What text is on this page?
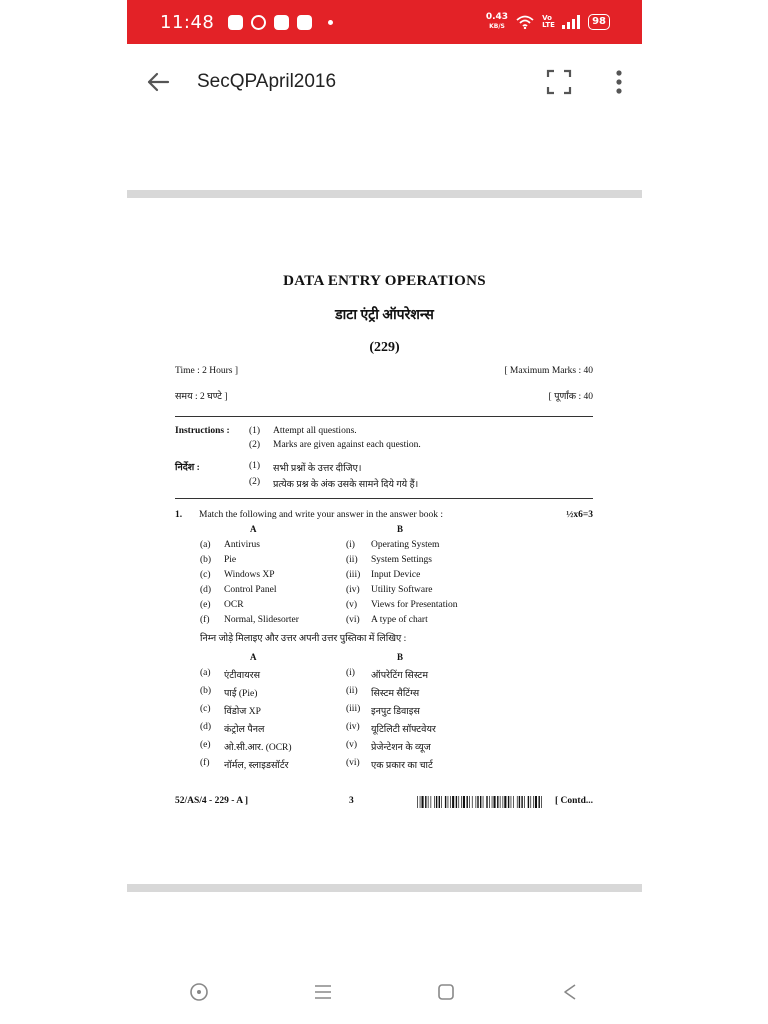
11:48	0.43
KB/S
Vo LTE	98
SecQPApril2016
DATA ENTRY OPERATIONS
डाटा एंट्री ऑपरेशन्स
(229)
Time : 2 Hours ]	[ Maximum Marks : 40
समय : 2 घण्टे ]	[ पूर्णांक : 40
Instructions : (1) Attempt all questions.
(2) Marks are given against each question.
निर्देश :	(1) सभी प्रश्नों के उत्तर दीजिए।
(2) प्रत्येक प्रश्न के अंक उसके सामने दिये गये हैं।
1. Match the following and write your answer in the answer book :	½x6=3
A	B
(a) Antivirus	(i) Operating System
(b) Pie	(ii) System Settings
(c) Windows XP	(iii) Input Device
(d) Control Panel	(iv) Utility Software
(e) OCR	(v) Views for Presentation
(f) Normal, Slidesorter	(vi) A type of chart
निम्न जोड़े मिलाइए और उत्तर अपनी उत्तर पुस्तिका में लिखिए :
A	B
(a) एंटीवायरस	(i) ऑपरेटिंग सिस्टम
(b) पाई (Pie)	(ii) सिस्टम सैटिंग्स
(c) विंडोज XP	(iii) इनपुट डिवाइस
(d) कंट्रोल पैनल	(iv) यूटिलिटी सॉफ्टवेयर
(e) ओ.सी.आर. (OCR)	(v) प्रेजेन्टेशन के व्यूज
(f) नॉर्मल, स्लाइडसॉर्टर	(vi) एक प्रकार का चार्ट
52/AS/4 - 229 - A ]	3	[ Contd...
